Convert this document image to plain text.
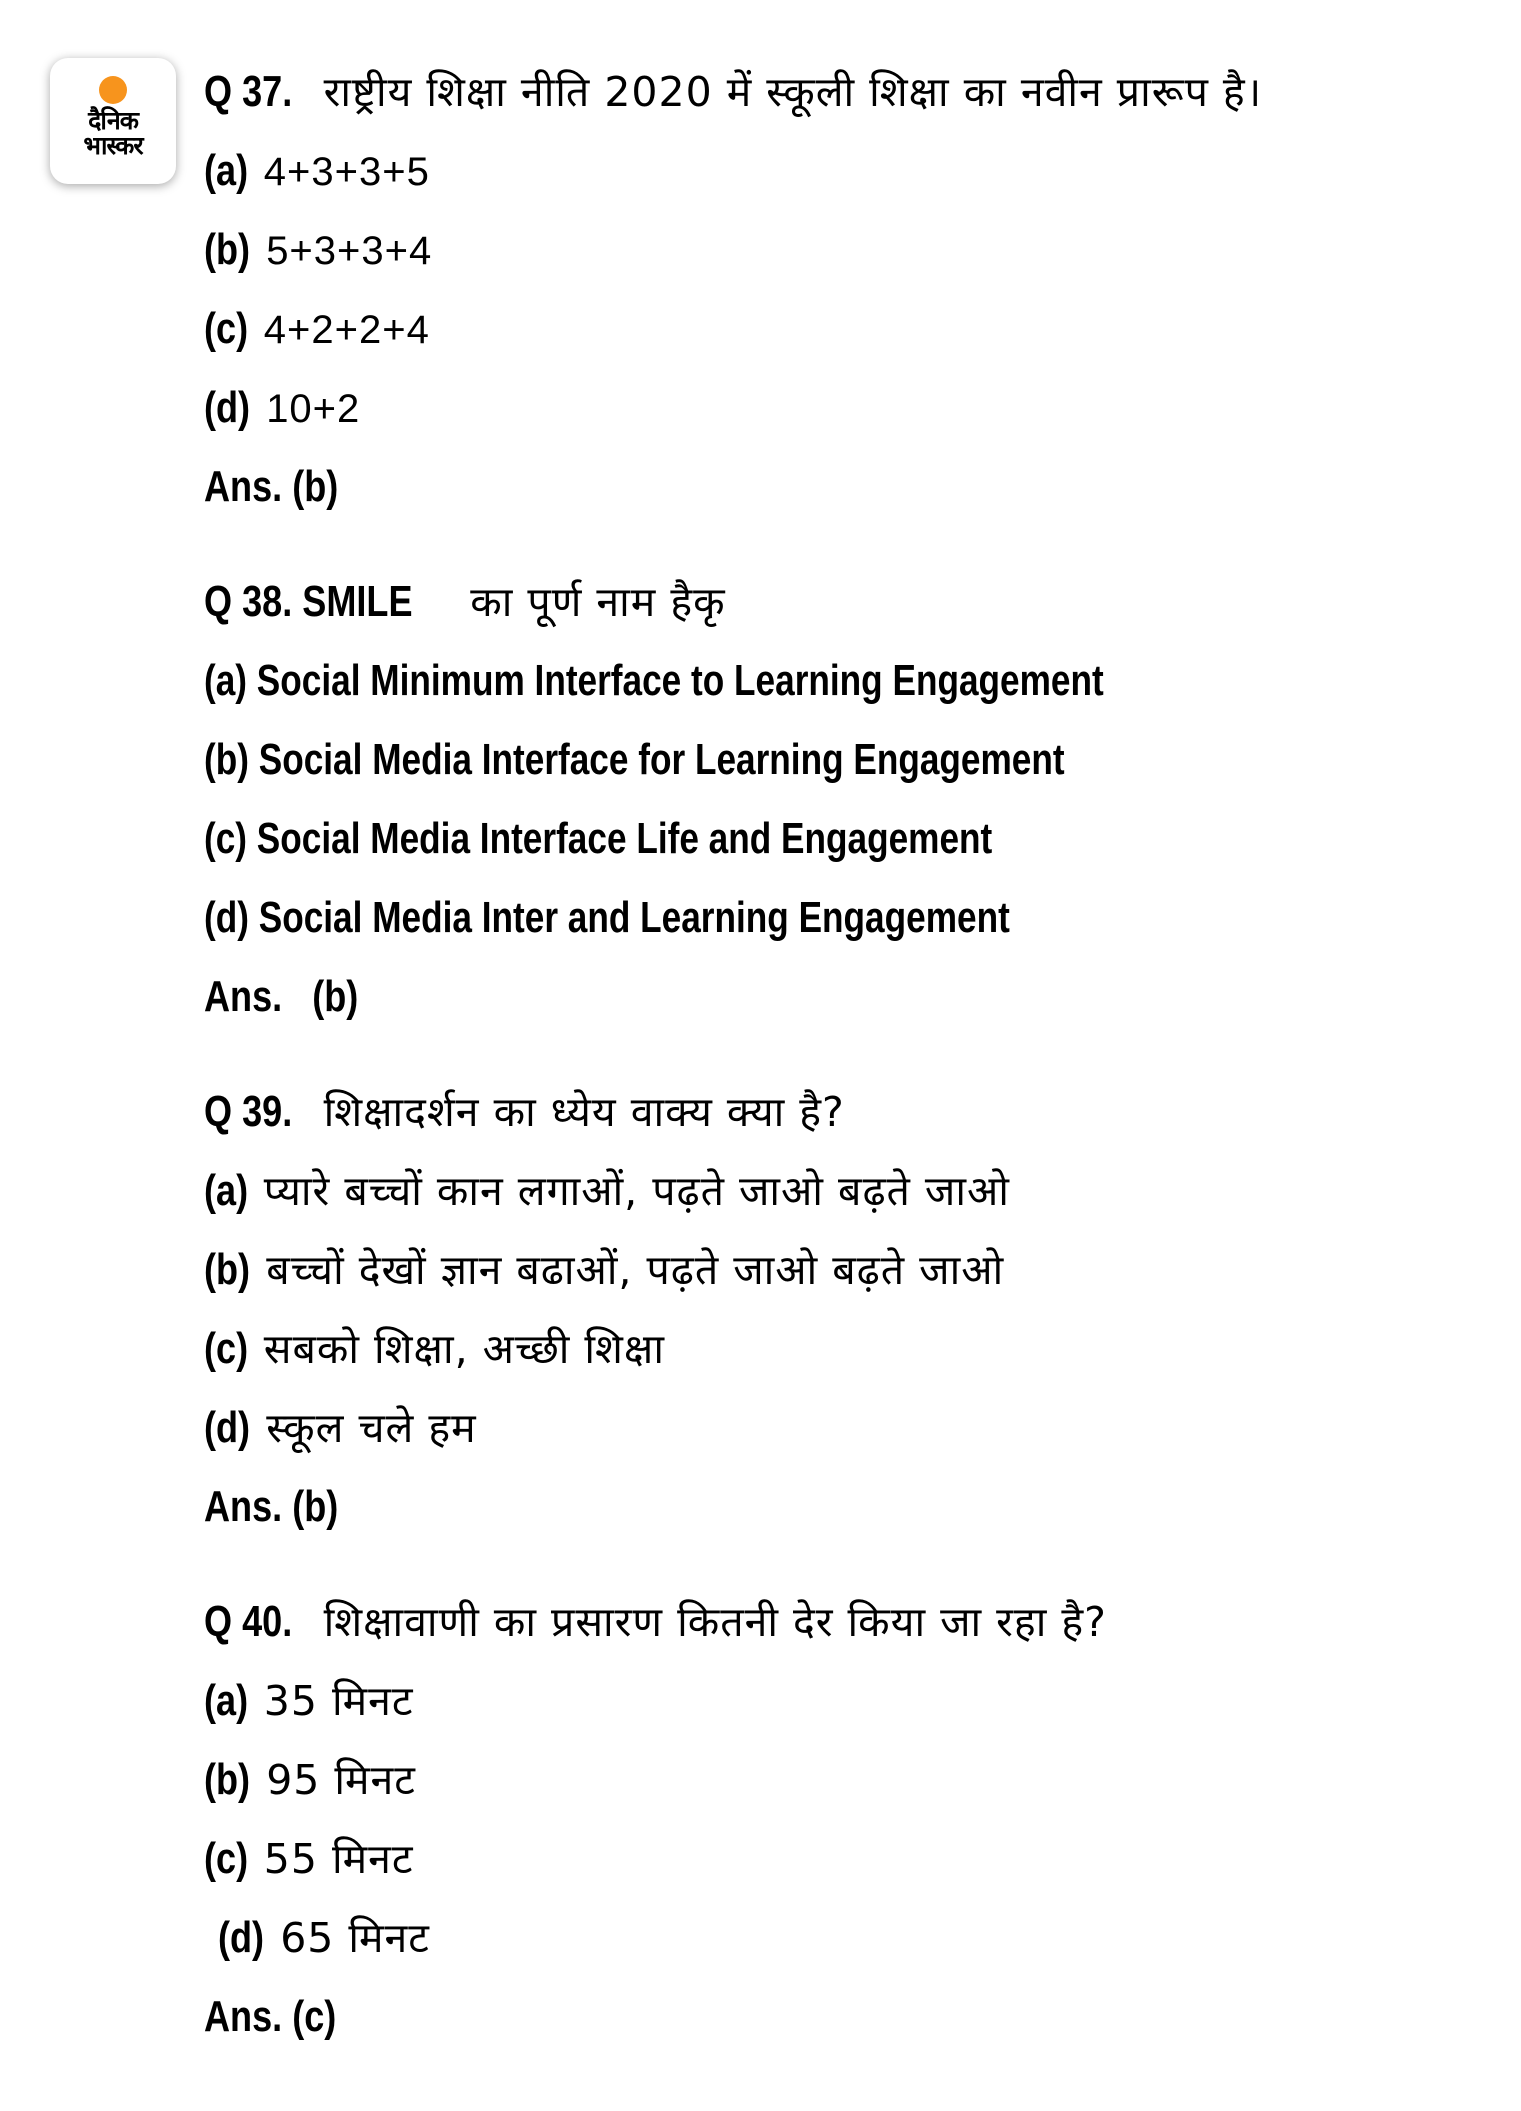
दैनिक
भास्कर
Q 37. राष्ट्रीय शिक्षा नीति 2020 में स्कूली शिक्षा का नवीन प्रारूप है।
(a) 4+3+3+5
(b) 5+3+3+4
(c) 4+2+2+4
(d) 10+2
Ans. (b)
Q 38. SMILE का पूर्ण नाम हैकृ
(a) Social Minimum Interface to Learning Engagement
(b) Social Media Interface for Learning Engagement
(c) Social Media Interface Life and Engagement
(d) Social Media Inter and Learning Engagement
Ans.   (b)
Q 39. शिक्षादर्शन का ध्येय वाक्य क्या है?
(a) प्यारे बच्चों कान लगाओं, पढ़ते जाओ बढ़ते जाओ
(b) बच्चों देखों ज्ञान बढाओं, पढ़ते जाओ बढ़ते जाओ
(c) सबको शिक्षा, अच्छी शिक्षा
(d) स्कूल चले हम
Ans. (b)
Q 40. शिक्षावाणी का प्रसारण कितनी देर किया जा रहा है?
(a) 35 मिनट
(b) 95 मिनट
(c) 55 मिनट
(d) 65 मिनट
Ans. (c)
